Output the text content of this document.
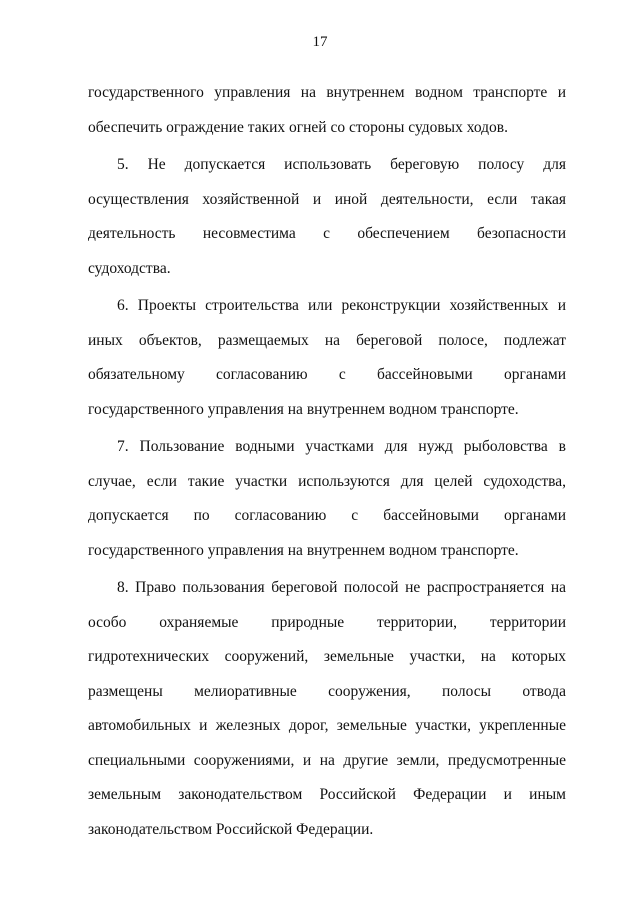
17
государственного управления на внутреннем водном транспорте и
обеспечить ограждение таких огней со стороны судовых ходов.
5. Не допускается использовать береговую полосу для
осуществления хозяйственной и иной деятельности, если такая
деятельность несовместима с обеспечением безопасности
судоходства.
6. Проекты строительства или реконструкции хозяйственных и
иных объектов, размещаемых на береговой полосе, подлежат
обязательному согласованию с бассейновыми органами
государственного управления на внутреннем водном транспорте.
7. Пользование водными участками для нужд рыболовства в
случае, если такие участки используются для целей судоходства,
допускается по согласованию с бассейновыми органами
государственного управления на внутреннем водном транспорте.
8. Право пользования береговой полосой не распространяется на
особо охраняемые природные территории, территории
гидротехнических сооружений, земельные участки, на которых
размещены мелиоративные сооружения, полосы отвода
автомобильных и железных дорог, земельные участки, укрепленные
специальными сооружениями, и на другие земли, предусмотренные
земельным законодательством Российской Федерации и иным
законодательством Российской Федерации.
